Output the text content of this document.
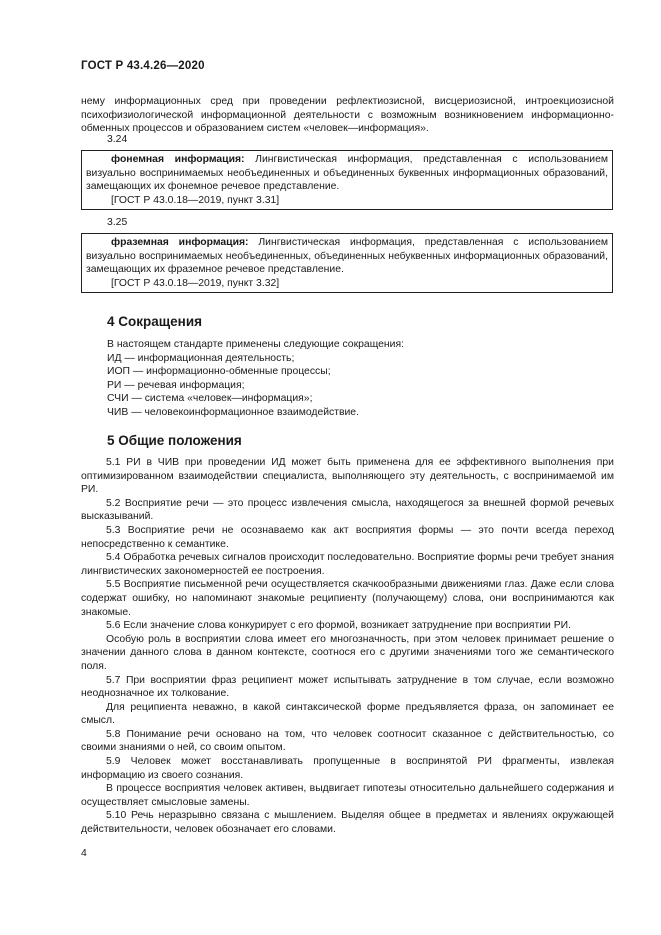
ГОСТ Р 43.4.26—2020

нему информационных сред при проведении рефлектиозисной, висцериозисной, интроекциозисной психофизиологической информационной деятельности с возможным возникновением информационно-обменных процессов и образованием систем «человек—информация».

3.24

фонемная информация: Лингвистическая информация, представленная с использованием визуально воспринимаемых необъединенных и объединенных буквенных информационных образований, замещающих их фонемное речевое представление.

[ГОСТ Р 43.0.18—2019, пункт 3.31]

3.25

фраземная информация: Лингвистическая информация, представленная с использованием визуально воспринимаемых необъединенных, объединенных небуквенных информационных образований, замещающих их фраземное речевое представление.

[ГОСТ Р 43.0.18—2019, пункт 3.32]

4 Сокращения
В настоящем стандарте применены следующие сокращения:
ИД — информационная деятельность;
ИОП — информационно-обменные процессы;
РИ — речевая информация;
СЧИ — система «человек—информация»;
ЧИВ — человекоинформационное взаимодействие.
5 Общие положения

5.1 РИ в ЧИВ при проведении ИД может быть применена для ее эффективного выполнения при оптимизированном взаимодействии специалиста, выполняющего эту деятельность, с воспринимаемой им РИ.

5.2 Восприятие речи — это процесс извлечения смысла, находящегося за внешней формой речевых высказываний.

5.3 Восприятие речи не осознаваемо как акт восприятия формы — это почти всегда переход непосредственно к семантике.

5.4 Обработка речевых сигналов происходит последовательно. Восприятие формы речи требует знания лингвистических закономерностей ее построения.

5.5 Восприятие письменной речи осуществляется скачкообразными движениями глаз. Даже если слова содержат ошибку, но напоминают знакомые реципиенту (получающему) слова, они воспринимаются как знакомые.

5.6 Если значение слова конкурирует с его формой, возникает затруднение при восприятии РИ.

Особую роль в восприятии слова имеет его многозначность, при этом человек принимает решение о значении данного слова в данном контексте, соотнося его с другими значениями того же семантического поля.

5.7 При восприятии фраз реципиент может испытывать затруднение в том случае, если возможно неоднозначное их толкование.

Для реципиента неважно, в какой синтаксической форме предъявляется фраза, он запоминает ее смысл.

5.8 Понимание речи основано на том, что человек соотносит сказанное с действительностью, со своими знаниями о ней, со своим опытом.

5.9 Человек может восстанавливать пропущенные в воспринятой РИ фрагменты, извлекая информацию из своего сознания.

В процессе восприятия человек активен, выдвигает гипотезы относительно дальнейшего содержания и осуществляет смысловые замены.

5.10 Речь неразрывно связана с мышлением. Выделяя общее в предметах и явлениях окружающей действительности, человек обозначает его словами.

4
